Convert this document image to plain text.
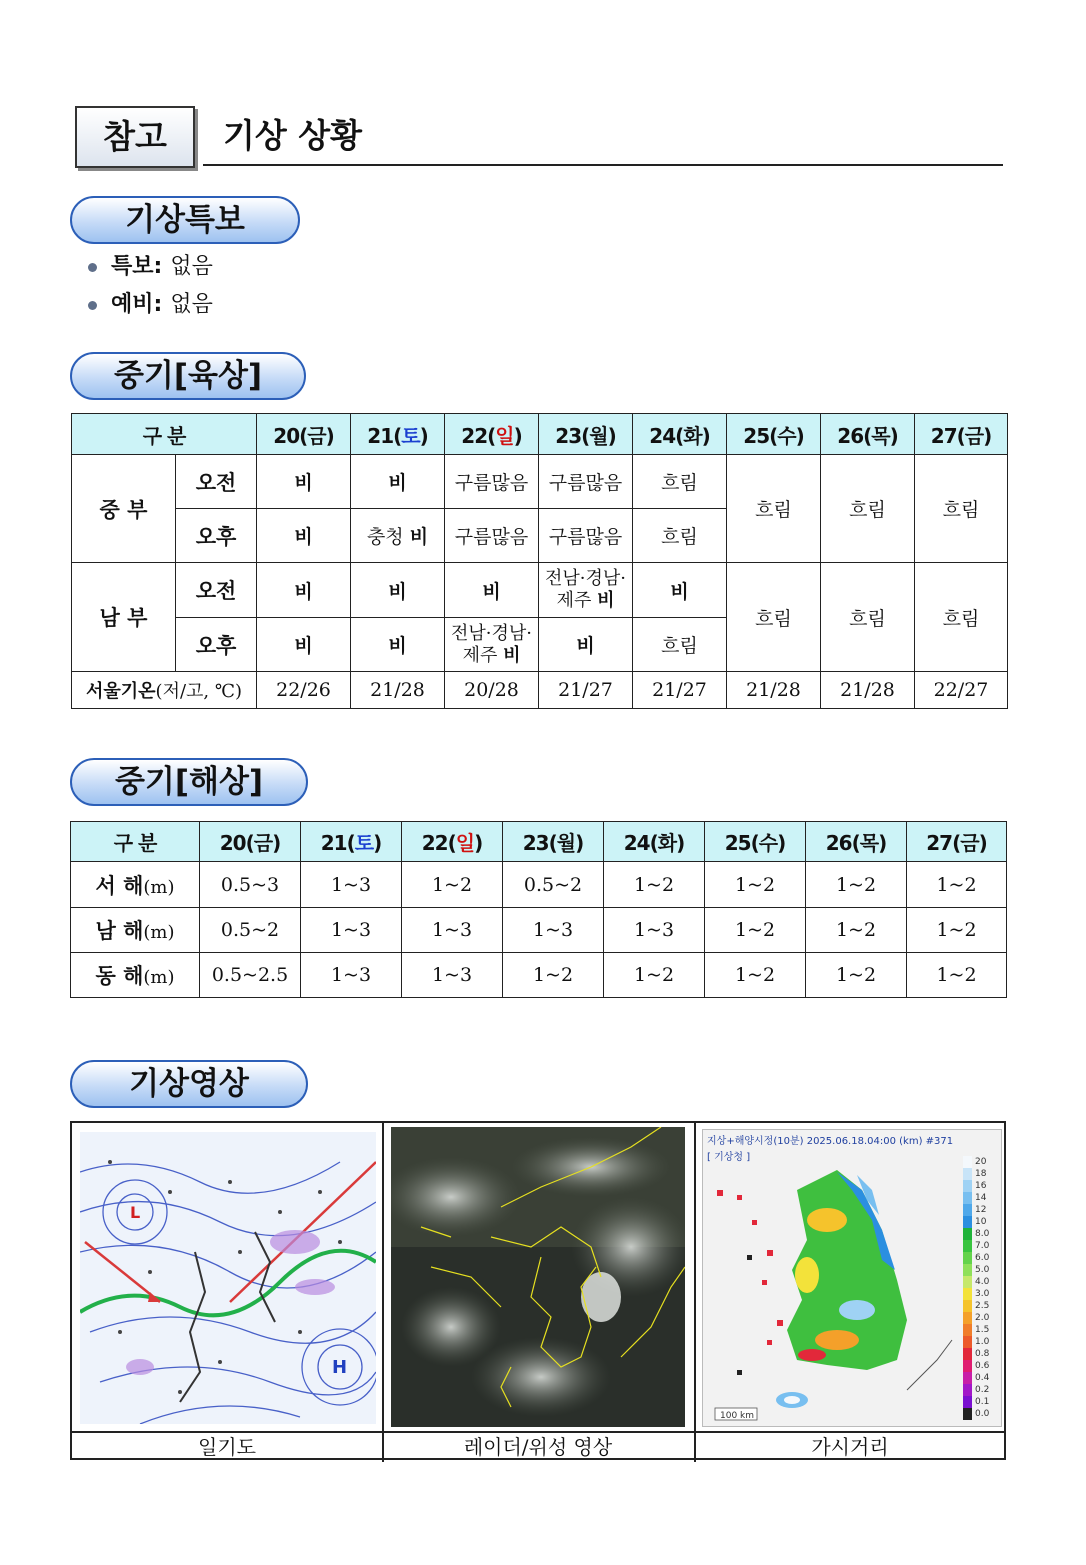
참고	기상 상황
기상특보
특보: 없음
예비: 없음
중기[육상]
구 분		20(금)	21(토)	22(일)	23(월)	24(화)	25(수)	26(목)	27(금)
중 부	오전	비	비	구름많음	구름많음	흐림	흐림	흐림	흐림
	오후	비	충청 비	구름많음	구름많음	흐림			
남 부	오전	비	비	비	전남·경남·
제주 비	비	흐림	흐림	흐림
	오후	비	비	전남·경남·
제주 비	비	흐림			
서울기온(저/고, ℃)		22/26	21/28	20/28	21/27	21/27	21/28	21/28	22/27
중기[해상]
구 분	20(금)	21(토)	22(일)	23(월)	24(화)	25(수)	26(목)	27(금)
서 해(m)	0.5~3	1~3	1~2	0.5~2	1~2	1~2	1~2	1~2
남 해(m)	0.5~2	1~3	1~3	1~3	1~3	1~2	1~2	1~2
동 해(m)	0.5~2.5	1~3	1~3	1~2	1~2	1~2	1~2	1~2
기상영상
L
H
지상+해양시정(10분) 2025.06.18.04:00 (km) #371
[ 기상청 ]
100 km
20
18
16
14
12
10
8.0
7.0
6.0
5.0
4.0
3.0
2.5
2.0
1.5
1.0
0.8
0.6
0.4
0.2
0.1
0.0
일기도	레이더/위성 영상	가시거리
